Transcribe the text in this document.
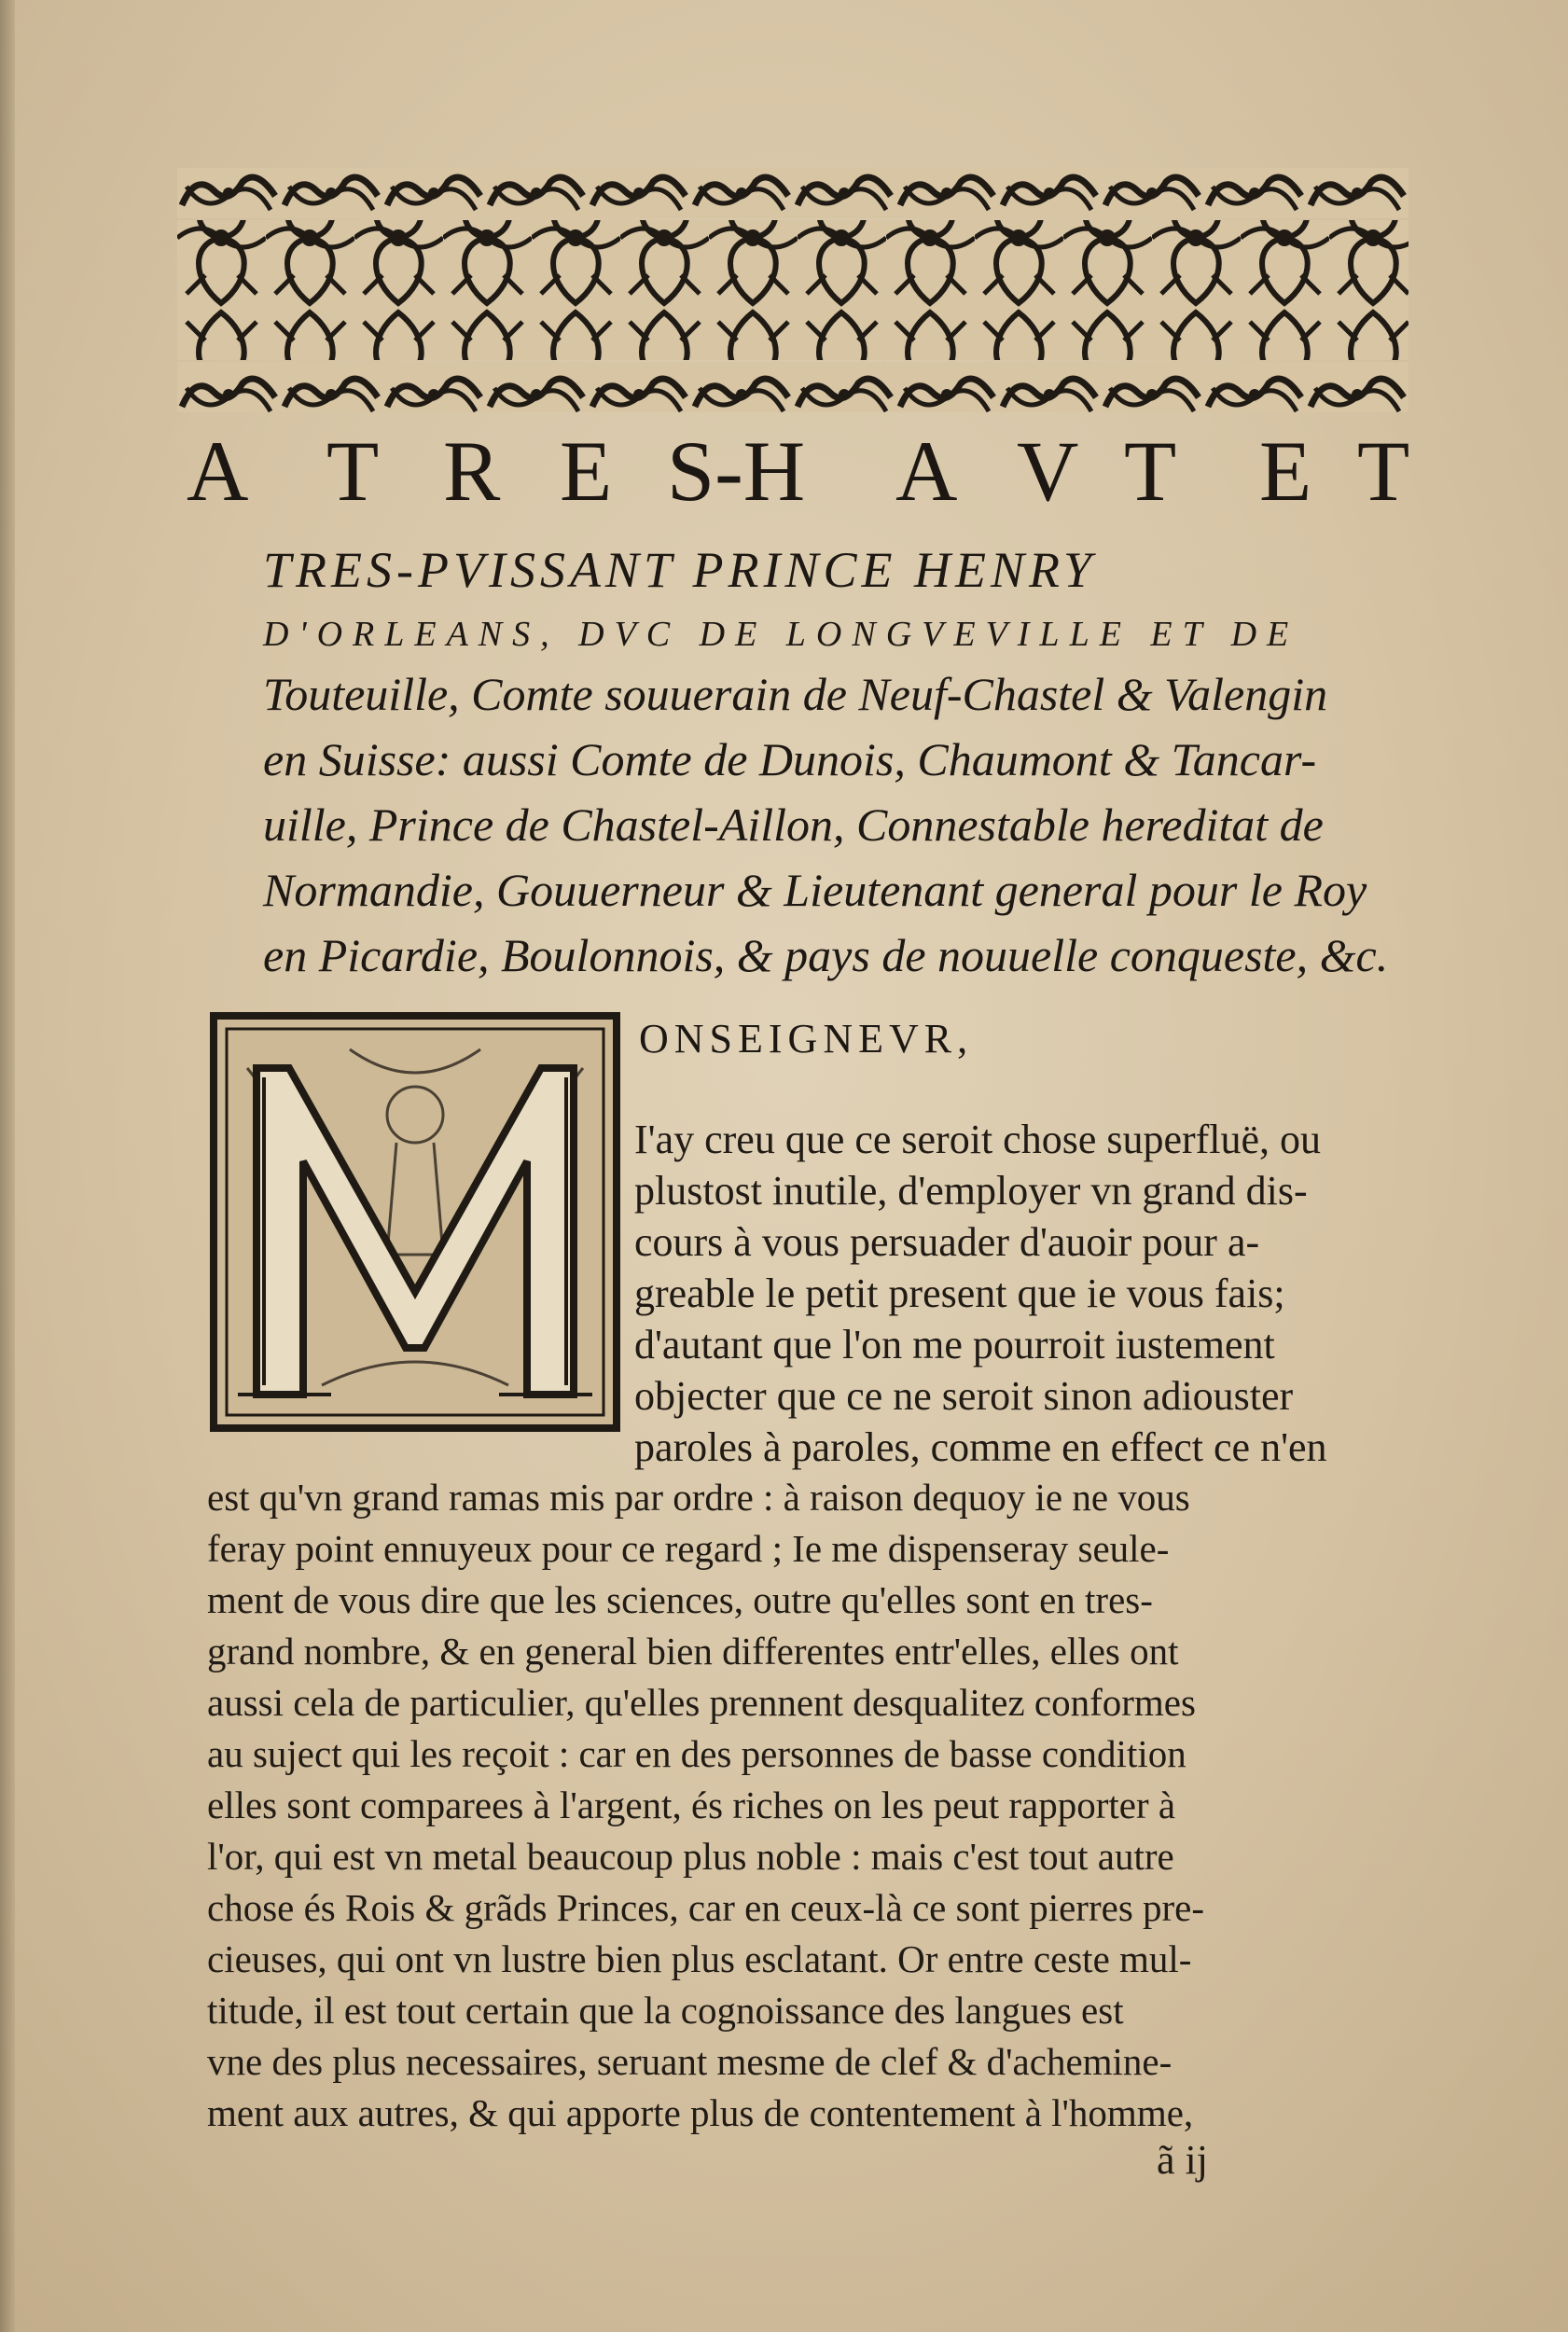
A T R E S-H A V T E T
TRES-PVISSANT PRINCE HENRY
D'ORLEANS, DVC DE LONGVEVILLE ET DE
Touteuille, Comte souuerain de Neuf-Chastel & Valengin
en Suisse: aussi Comte de Dunois, Chaumont & Tancar-
uille, Prince de Chastel-Aillon, Connestable hereditat de
Normandie, Gouuerneur & Lieutenant general pour le Roy
en Picardie, Boulonnois, & pays de nouuelle conqueste, &c.
ONSEIGNEVR,
I'ay creu que ce seroit chose superfluë, ou
plustost inutile, d'employer vn grand dis-
cours à vous persuader d'auoir pour a-
greable le petit present que ie vous fais;
d'autant que l'on me pourroit iustement
objecter que ce ne seroit sinon adiouster
paroles à paroles, comme en effect ce n'en
est qu'vn grand ramas mis par ordre : à raison dequoy ie ne vous
feray point ennuyeux pour ce regard ; Ie me dispenseray seule-
ment de vous dire que les sciences, outre qu'elles sont en tres-
grand nombre, & en general bien differentes entr'elles, elles ont
aussi cela de particulier, qu'elles prennent desqualitez conformes
au suject qui les reçoit : car en des personnes de basse condition
elles sont comparees à l'argent, és riches on les peut rapporter à
l'or, qui est vn metal beaucoup plus noble : mais c'est tout autre
chose és Rois & grãds Princes, car en ceux-là ce sont pierres pre-
cieuses, qui ont vn lustre bien plus esclatant. Or entre ceste mul-
titude, il est tout certain que la cognoissance des langues est
vne des plus necessaires, seruant mesme de clef & d'achemine-
ment aux autres, & qui apporte plus de contentement à l'homme,
ã ij
